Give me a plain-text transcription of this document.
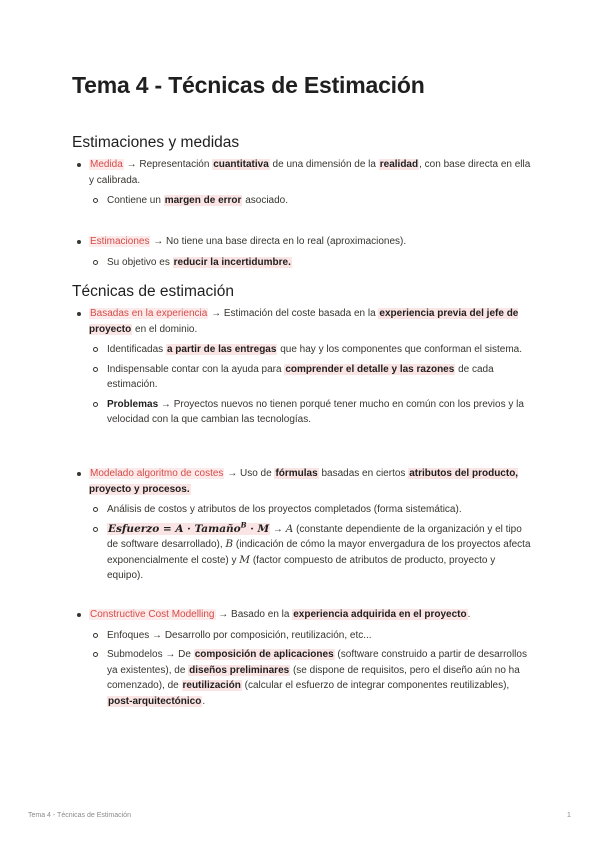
Tema 4 - Técnicas de Estimación
Estimaciones y medidas
Medida → Representación cuantitativa de una dimensión de la realidad, con base directa en ella y calibrada.
Contiene un margen de error asociado.
Estimaciones → No tiene una base directa en lo real (aproximaciones).
Su objetivo es reducir la incertidumbre.
Técnicas de estimación
Basadas en la experiencia → Estimación del coste basada en la experiencia previa del jefe de proyecto en el dominio.
Identificadas a partir de las entregas que hay y los componentes que conforman el sistema.
Indispensable contar con la ayuda para comprender el detalle y las razones de cada estimación.
Problemas → Proyectos nuevos no tienen porqué tener mucho en común con los previos y la velocidad con la que cambian las tecnologías.
Modelado algoritmo de costes → Uso de fórmulas basadas en ciertos atributos del producto, proyecto y procesos.
Análisis de costos y atributos de los proyectos completados (forma sistemática).
Esfuerzo = A · Tamaño$^B$ · M → A (constante dependiente de la organización y el tipo de software desarrollado), B (indicación de cómo la mayor envergadura de los proyectos afecta exponencialmente el coste) y M (factor compuesto de atributos de producto, proyecto y equipo).
Constructive Cost Modelling → Basado en la experiencia adquirida en el proyecto.
Enfoques → Desarrollo por composición, reutilización, etc...
Submodelos → De composición de aplicaciones (software construido a partir de desarrollos ya existentes), de diseños preliminares (se dispone de requisitos, pero el diseño aún no ha comenzado), de reutilización (calcular el esfuerzo de integrar componentes reutilizables), post-arquitectónico.
Tema 4 - Técnicas de Estimación	1
